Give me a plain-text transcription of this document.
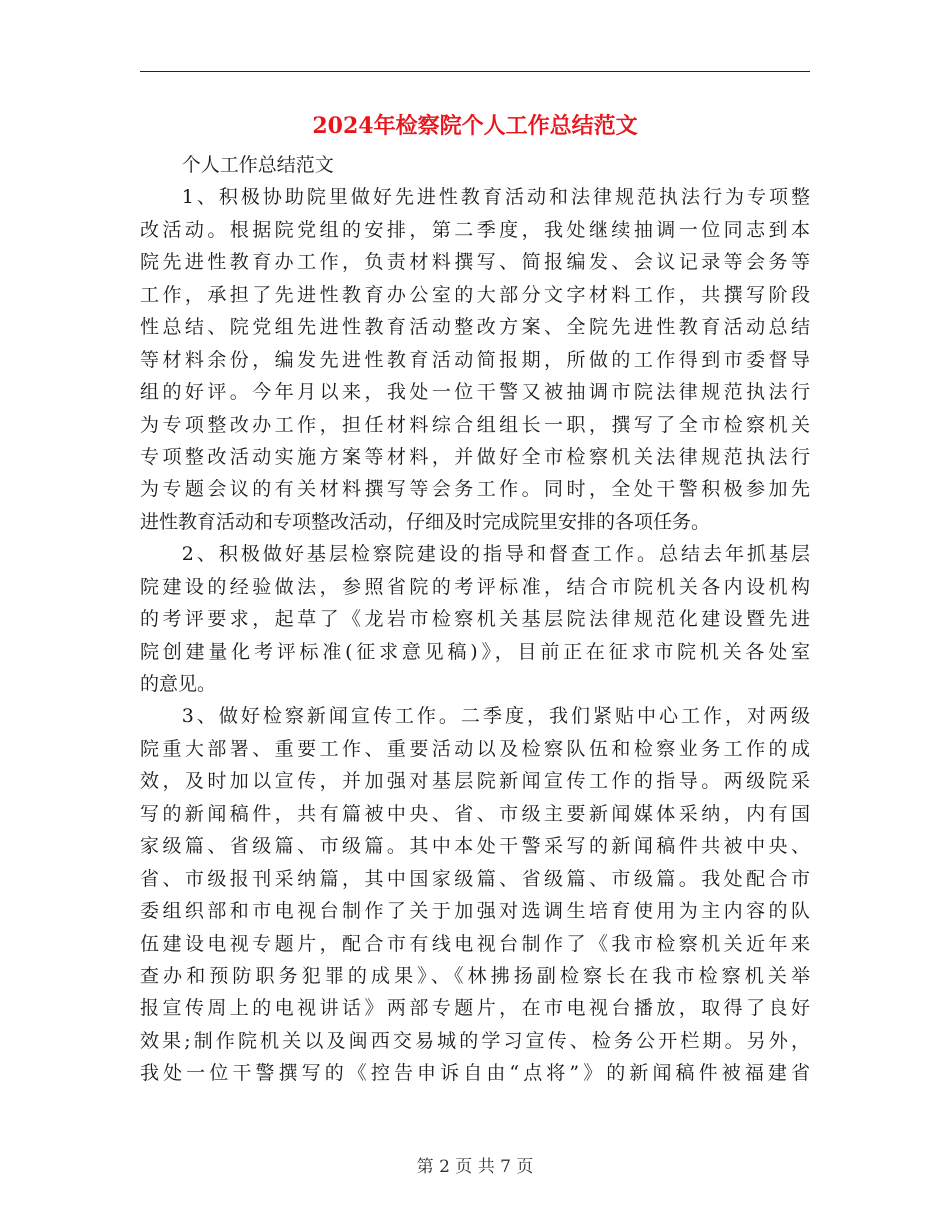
2024年检察院个人工作总结范文
个人工作总结范文
1、积极协助院里做好先进性教育活动和法律规范执法行为专项整
改活动。根据院党组的安排，第二季度，我处继续抽调一位同志到本
院先进性教育办工作，负责材料撰写、简报编发、会议记录等会务等
工作，承担了先进性教育办公室的大部分文字材料工作，共撰写阶段
性总结、院党组先进性教育活动整改方案、全院先进性教育活动总结
等材料余份，编发先进性教育活动简报期，所做的工作得到市委督导
组的好评。今年月以来，我处一位干警又被抽调市院法律规范执法行
为专项整改办工作，担任材料综合组组长一职，撰写了全市检察机关
专项整改活动实施方案等材料，并做好全市检察机关法律规范执法行
为专题会议的有关材料撰写等会务工作。同时，全处干警积极参加先
进性教育活动和专项整改活动，仔细及时完成院里安排的各项任务。
2、积极做好基层检察院建设的指导和督查工作。总结去年抓基层
院建设的经验做法，参照省院的考评标准，结合市院机关各内设机构
的考评要求，起草了《龙岩市检察机关基层院法律规范化建设暨先进
院创建量化考评标准(征求意见稿)》，目前正在征求市院机关各处室
的意见。
3、做好检察新闻宣传工作。二季度，我们紧贴中心工作，对两级
院重大部署、重要工作、重要活动以及检察队伍和检察业务工作的成
效，及时加以宣传，并加强对基层院新闻宣传工作的指导。两级院采
写的新闻稿件，共有篇被中央、省、市级主要新闻媒体采纳，内有国
家级篇、省级篇、市级篇。其中本处干警采写的新闻稿件共被中央、
省、市级报刊采纳篇，其中国家级篇、省级篇、市级篇。我处配合市
委组织部和市电视台制作了关于加强对选调生培育使用为主内容的队
伍建设电视专题片，配合市有线电视台制作了《我市检察机关近年来
查办和预防职务犯罪的成果》、《林拂扬副检察长在我市检察机关举
报宣传周上的电视讲话》两部专题片，在市电视台播放，取得了良好
效果;制作院机关以及闽西交易城的学习宣传、检务公开栏期。另外，
我处一位干警撰写的《控告申诉自由“点将”》的新闻稿件被福建省
第 2 页 共 7 页
